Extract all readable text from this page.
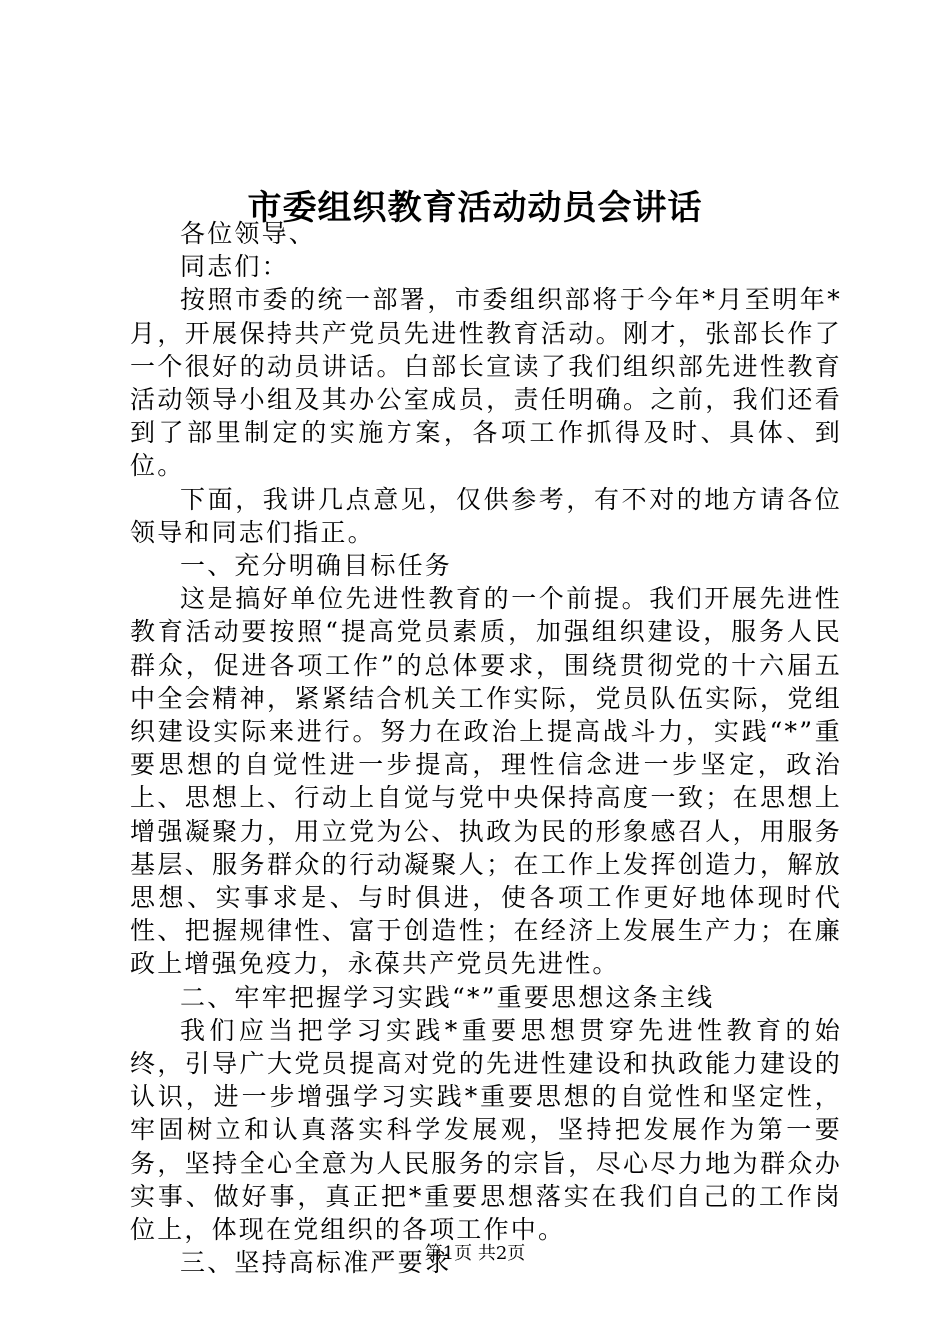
市委组织教育活动动员会讲话

各位领导、

同志们：

按照市委的统一部署，市委组织部将于今年*月至明年*月，开展保持共产党员先进性教育活动。刚才，张部长作了一个很好的动员讲话。白部长宣读了我们组织部先进性教育活动领导小组及其办公室成员，责任明确。之前，我们还看到了部里制定的实施方案，各项工作抓得及时、具体、到位。

下面，我讲几点意见，仅供参考，有不对的地方请各位领导和同志们指正。

一、充分明确目标任务

这是搞好单位先进性教育的一个前提。我们开展先进性教育活动要按照“提高党员素质，加强组织建设，服务人民群众，促进各项工作”的总体要求，围绕贯彻党的十六届五中全会精神，紧紧结合机关工作实际，党员队伍实际，党组织建设实际来进行。努力在政治上提高战斗力，实践“*”重要思想的自觉性进一步提高，理性信念进一步坚定，政治上、思想上、行动上自觉与党中央保持高度一致；在思想上增强凝聚力，用立党为公、执政为民的形象感召人，用服务基层、服务群众的行动凝聚人；在工作上发挥创造力，解放思想、实事求是、与时俱进，使各项工作更好地体现时代性、把握规律性、富于创造性；在经济上发展生产力；在廉政上增强免疫力，永葆共产党员先进性。

二、牢牢把握学习实践“*”重要思想这条主线

我们应当把学习实践*重要思想贯穿先进性教育的始终，引导广大党员提高对党的先进性建设和执政能力建设的认识，进一步增强学习实践*重要思想的自觉性和坚定性，牢固树立和认真落实科学发展观，坚持把发展作为第一要务，坚持全心全意为人民服务的宗旨，尽心尽力地为群众办实事、做好事，真正把*重要思想落实在我们自己的工作岗位上，体现在党组织的各项工作中。

三、坚持高标准严要求

第1页 共2页
